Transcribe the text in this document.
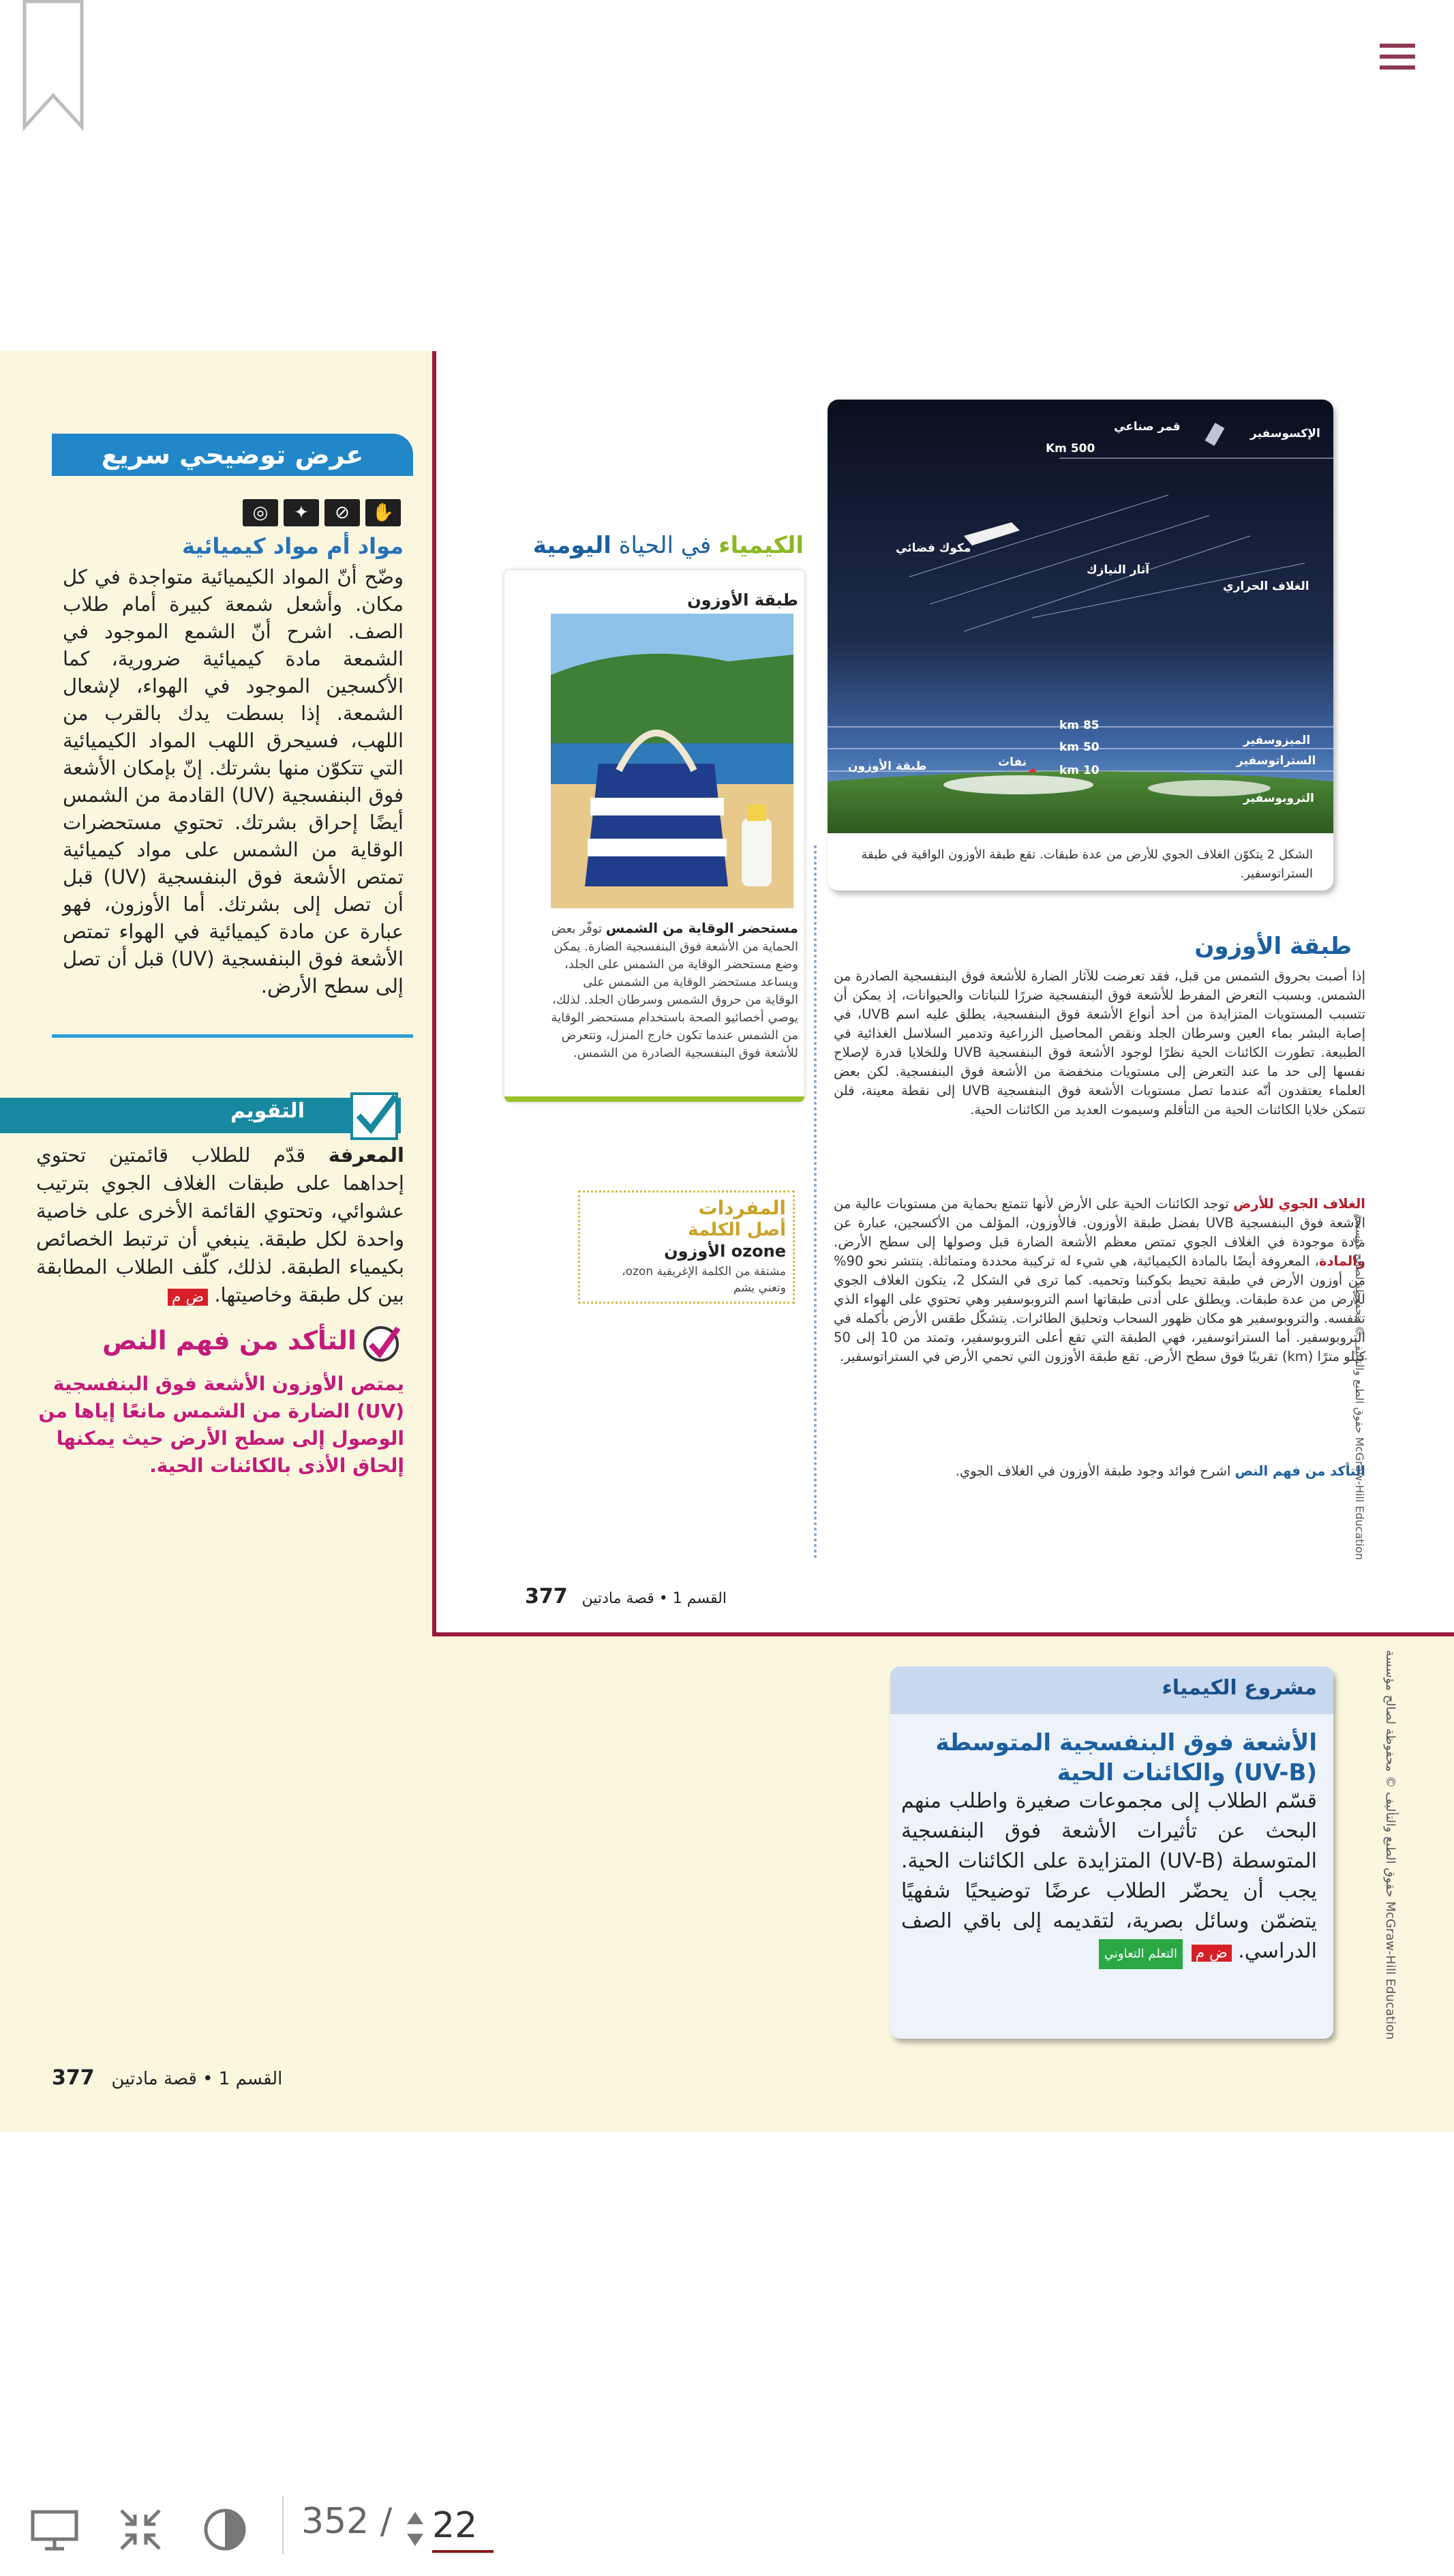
عرض توضيحي سريع
◎	✦	⊘	✋
مواد أم مواد كيميائية
وضّح أنّ المواد الكيميائية متواجدة في كل مكان. وأشعل شمعة كبيرة أمام طلاب الصف. اشرح أنّ الشمع الموجود في الشمعة مادة كيميائية ضرورية، كما الأكسجين الموجود في الهواء، لإشعال الشمعة. إذا بسطت يدك بالقرب من اللهب، فسيحرق اللهب المواد الكيميائية التي تتكوّن منها بشرتك. إنّ بإمكان الأشعة فوق البنفسجية (UV) القادمة من الشمس أيضًا إحراق بشرتك. تحتوي مستحضرات الوقاية من الشمس على مواد كيميائية تمتص الأشعة فوق البنفسجية (UV) قبل أن تصل إلى بشرتك. أما الأوزون، فهو عبارة عن مادة كيميائية في الهواء تمتص الأشعة فوق البنفسجية (UV) قبل أن تصل إلى سطح الأرض.
التقويم
المعرفة قدّم للطلاب قائمتين تحتوي إحداهما على طبقات الغلاف الجوي بترتيب عشوائي، وتحتوي القائمة الأخرى على خاصية واحدة لكل طبقة. ينبغي أن ترتبط الخصائص بكيمياء الطبقة. لذلك، كلّف الطلاب المطابقة بين كل طبقة وخاصيتها. ض م
التأكد من فهم النص
يمتص الأوزون الأشعة فوق البنفسجية (UV) الضارة من الشمس مانعًا إياها من الوصول إلى سطح الأرض حيث يمكنها إلحاق الأذى بالكائنات الحية.
القسم 1 • قصة مادتين   377
الإكسوسفير
قمر صناعي
500 Km
مكوك فضائي
آثار النيازك
الغلاف الحراري
85 km
50 km
10 km
الميزوسفير
الستراتوسفير
التروبوسفير
طبقة الأوزون	نفاث
الشكل 2 يتكوّن الغلاف الجوي للأرض من عدة طبقات. تقع طبقة الأوزون الواقية في طبقة الستراتوسفير.
الكيمياء في الحياة اليومية
طبقة الأوزون
مستحضر الوقاية من الشمس توفّر بعض الحماية من الأشعة فوق البنفسجية الضارة. يمكن وضع مستحضر الوقاية من الشمس على الجلد، ويساعد مستحضر الوقاية من الشمس على الوقاية من حروق الشمس وسرطان الجلد. لذلك، يوصي أخصائيو الصحة باستخدام مستحضر الوقاية من الشمس عندما تكون خارج المنزل، وتتعرض للأشعة فوق البنفسجية الصادرة من الشمس.
المفردات
أصل الكلمة
الأوزون ozone
مشتقة من الكلمة الإغريقية ozon، وتعني يشم
طبقة الأوزون
إذا أصبت بحروق الشمس من قبل، فقد تعرضت للآثار الضارة للأشعة فوق البنفسجية الصادرة من الشمس. وبسبب التعرض المفرط للأشعة فوق البنفسجية ضررًا للنباتات والحيوانات، إذ يمكن أن تتسبب المستويات المتزايدة من أحد أنواع الأشعة فوق البنفسجية، يطلق عليه اسم UVB، في إصابة البشر بماء العين وسرطان الجلد ونقص المحاصيل الزراعية وتدمير السلاسل الغذائية في الطبيعة. تطورت الكائنات الحية نظرًا لوجود الأشعة فوق البنفسجية UVB وللخلايا قدرة لإصلاح نفسها إلى حد ما عند التعرض إلى مستويات منخفضة من الأشعة فوق البنفسجية. لكن بعض العلماء يعتقدون أنّه عندما تصل مستويات الأشعة فوق البنفسجية UVB إلى نقطة معينة، فلن تتمكن خلايا الكائنات الحية من التأقلم وسيموت العديد من الكائنات الحية.
الغلاف الجوي للأرض توجد الكائنات الحية على الأرض لأنها تتمتع بحماية من مستويات عالية من الأشعة فوق البنفسجية UVB بفضل طبقة الأوزون. فالأوزون، المؤلف من الأكسجين، عبارة عن مادة موجودة في الغلاف الجوي تمتص معظم الأشعة الضارة قبل وصولها إلى سطح الأرض. والمادة، المعروفة أيضًا بالمادة الكيميائية، هي شيء له تركيبة محددة ومتماثلة. ينتشر نحو 90% من أوزون الأرض في طبقة تحيط بكوكبنا وتحميه. كما ترى في الشكل 2، يتكون الغلاف الجوي للأرض من عدة طبقات. ويطلق على أدنى طبقاتها اسم التروبوسفير وهي تحتوي على الهواء الذي تتنفسه. والتروبوسفير هو مكان ظهور السحاب وتحليق الطائرات. يتشكّل طقس الأرض بأكمله في التروبوسفير. أما الستراتوسفير، فهي الطبقة التي تقع أعلى التروبوسفير، وتمتد من 10 إلى 50 كيلو مترًا (km) تقريبًا فوق سطح الأرض. تقع طبقة الأوزون التي تحمي الأرض في الستراتوسفير.
التأكد من فهم النص اشرح فوائد وجود طبقة الأوزون في الغلاف الجوي.
القسم 1 • قصة مادتين   377
حقوق الطبع والتأليف © محفوظة لصالح مؤسسة McGraw-Hill Education
حقوق الطبع والتأليف © محفوظة لصالح مؤسسة McGraw-Hill Education
مشروع الكيمياء
الأشعة فوق البنفسجية المتوسطة (UV-B) والكائنات الحية
قسّم الطلاب إلى مجموعات صغيرة واطلب منهم البحث عن تأثيرات الأشعة فوق البنفسجية المتوسطة (UV-B) المتزايدة على الكائنات الحية. يجب أن يحضّر الطلاب عرضًا توضيحيًا شفهيًا يتضمّن وسائل بصرية، لتقديمه إلى باقي الصف الدراسي. ض م التعلم التعاوني
352 /
22
